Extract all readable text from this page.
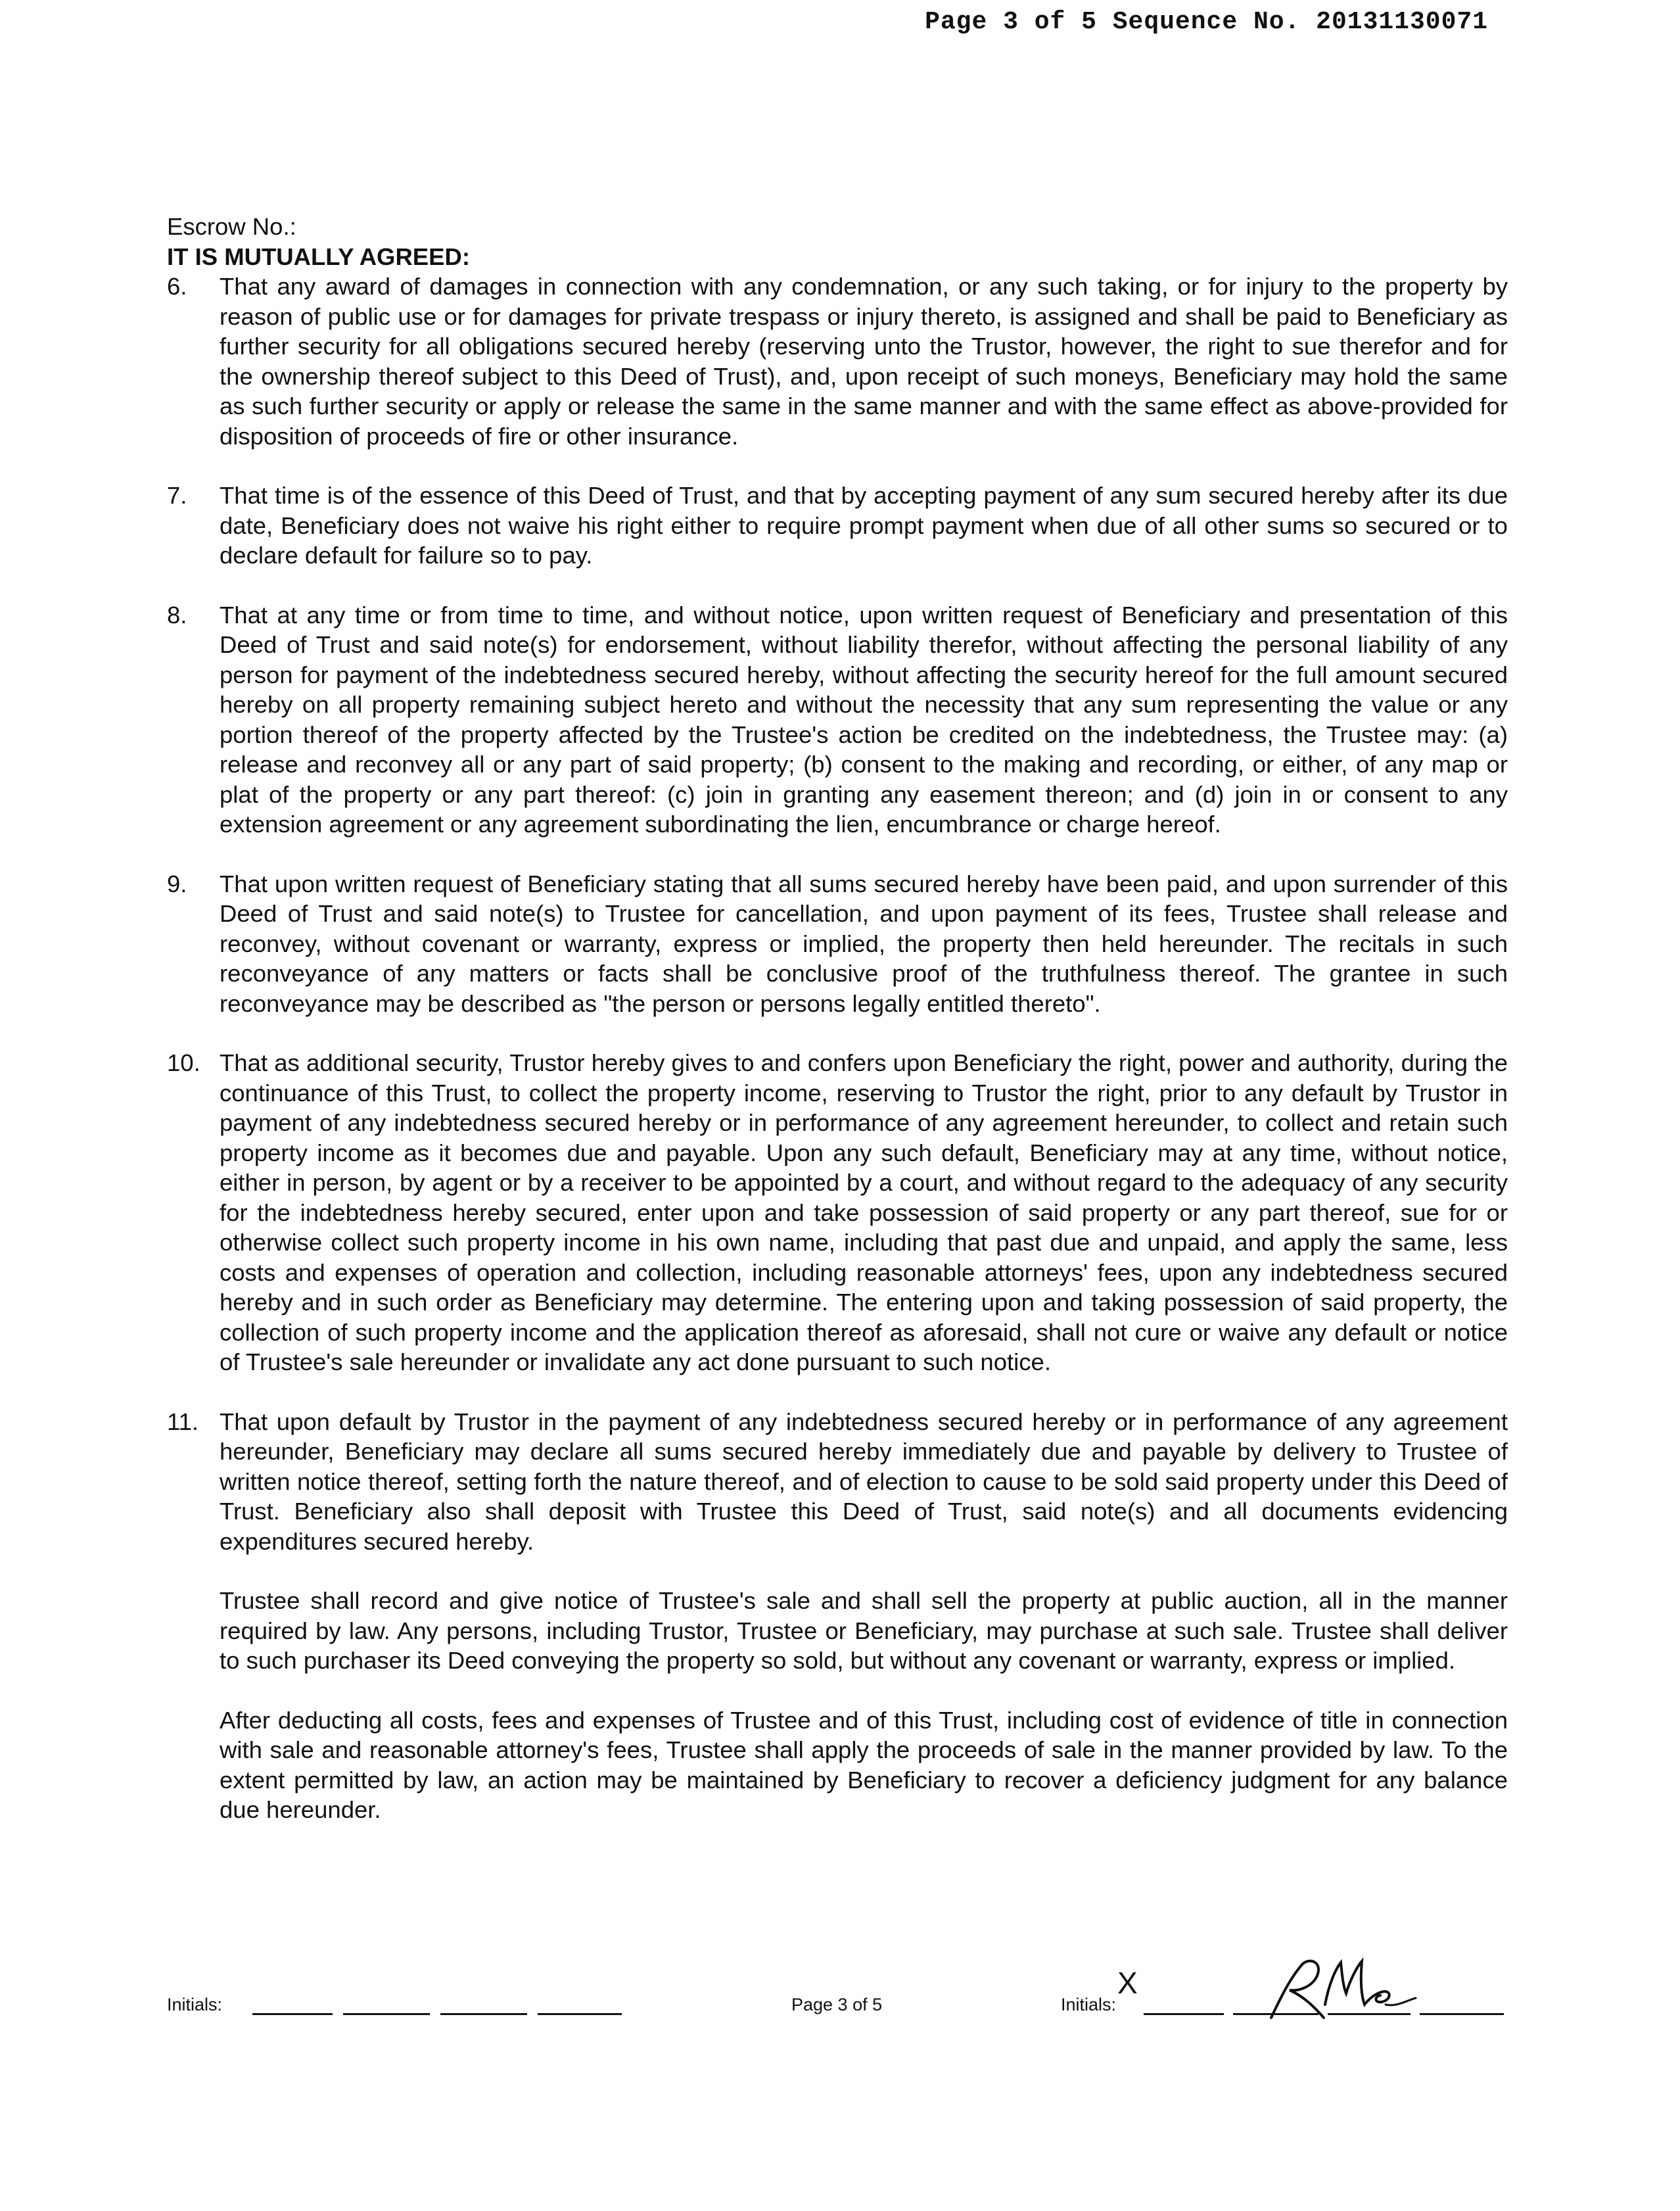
Page 3 of 5 Sequence No. 20131130071

Escrow No.:

IT IS MUTUALLY AGREED:

6.	That any award of damages in connection with any condemnation, or any such taking, or for injury to the property by reason of public use or for damages for private trespass or injury thereto, is assigned and shall be paid to Beneficiary as further security for all obligations secured hereby (reserving unto the Trustor, however, the right to sue therefor and for the ownership thereof subject to this Deed of Trust), and, upon receipt of such moneys, Beneficiary may hold the same as such further security or apply or release the same in the same manner and with the same effect as above-provided for disposition of proceeds of fire or other insurance.

7.	That time is of the essence of this Deed of Trust, and that by accepting payment of any sum secured hereby after its due date, Beneficiary does not waive his right either to require prompt payment when due of all other sums so secured or to declare default for failure so to pay.

8.	That at any time or from time to time, and without notice, upon written request of Beneficiary and presentation of this Deed of Trust and said note(s) for endorsement, without liability therefor, without affecting the personal liability of any person for payment of the indebtedness secured hereby, without affecting the security hereof for the full amount secured hereby on all property remaining subject hereto and without the necessity that any sum representing the value or any portion thereof of the property affected by the Trustee's action be credited on the indebtedness, the Trustee may: (a) release and reconvey all or any part of said property; (b) consent to the making and recording, or either, of any map or plat of the property or any part thereof: (c) join in granting any easement thereon; and (d) join in or consent to any extension agreement or any agreement subordinating the lien, encumbrance or charge hereof.

9.	That upon written request of Beneficiary stating that all sums secured hereby have been paid, and upon surrender of this Deed of Trust and said note(s) to Trustee for cancellation, and upon payment of its fees, Trustee shall release and reconvey, without covenant or warranty, express or implied, the property then held hereunder. The recitals in such reconveyance of any matters or facts shall be conclusive proof of the truthfulness thereof. The grantee in such reconveyance may be described as "the person or persons legally entitled thereto".

10. That as additional security, Trustor hereby gives to and confers upon Beneficiary the right, power and authority, during the continuance of this Trust, to collect the property income, reserving to Trustor the right, prior to any default by Trustor in payment of any indebtedness secured hereby or in performance of any agreement hereunder, to collect and retain such property income as it becomes due and payable. Upon any such default, Beneficiary may at any time, without notice, either in person, by agent or by a receiver to be appointed by a court, and without regard to the adequacy of any security for the indebtedness hereby secured, enter upon and take possession of said property or any part thereof, sue for or otherwise collect such property income in his own name, including that past due and unpaid, and apply the same, less costs and expenses of operation and collection, including reasonable attorneys' fees, upon any indebtedness secured hereby and in such order as Beneficiary may determine. The entering upon and taking possession of said property, the collection of such property income and the application thereof as aforesaid, shall not cure or waive any default or notice of Trustee's sale hereunder or invalidate any act done pursuant to such notice.

11. That upon default by Trustor in the payment of any indebtedness secured hereby or in performance of any agreement hereunder, Beneficiary may declare all sums secured hereby immediately due and payable by delivery to Trustee of written notice thereof, setting forth the nature thereof, and of election to cause to be sold said property under this Deed of Trust. Beneficiary also shall deposit with Trustee this Deed of Trust, said note(s) and all documents evidencing expenditures secured hereby.

Trustee shall record and give notice of Trustee's sale and shall sell the property at public auction, all in the manner required by law. Any persons, including Trustor, Trustee or Beneficiary, may purchase at such sale. Trustee shall deliver to such purchaser its Deed conveying the property so sold, but without any covenant or warranty, express or implied.

After deducting all costs, fees and expenses of Trustee and of this Trust, including cost of evidence of title in connection with sale and reasonable attorney's fees, Trustee shall apply the proceeds of sale in the manner provided by law. To the extent permitted by law, an action may be maintained by Beneficiary to recover a deficiency judgment for any balance due hereunder.

Initials:	Page 3 of 5
X
Initials:
